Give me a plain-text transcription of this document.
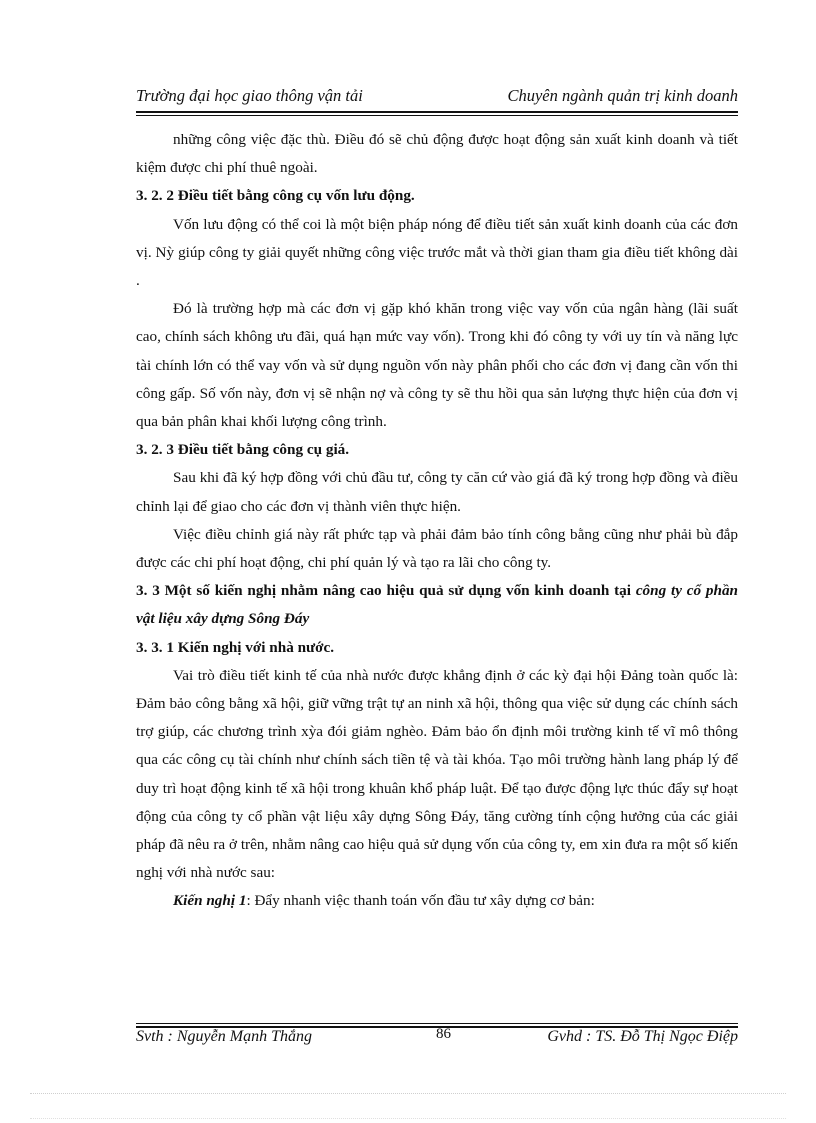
Trường đại học giao thông vận tải	Chuyên ngành quản trị kinh doanh

những công việc đặc thù. Điều đó sẽ chủ động được hoạt động sản xuất kinh doanh và tiết kiệm được chi phí thuê ngoài.

3. 2. 2 Điều tiết bằng công cụ vốn lưu động.

Vốn lưu động có thể coi là một biện pháp nóng để điều tiết sản xuất kinh doanh của các đơn vị. Nỳ giúp công ty giải quyết những công việc trước mắt và thời gian tham gia điều tiết không dài .

Đó là trường hợp mà các đơn vị gặp khó khăn trong việc vay vốn của ngân hàng (lãi suất cao, chính sách không ưu đãi, quá hạn mức vay vốn). Trong khi đó công ty với uy tín và năng lực tài chính lớn có thể vay vốn và sử dụng nguồn vốn này phân phối cho các đơn vị đang cần vốn thi công gấp. Số vốn này, đơn vị sẽ nhận nợ và công ty sẽ thu hồi qua sản lượng thực hiện của đơn vị qua bản phân khai khối lượng công trình.

3. 2. 3 Điều tiết bằng công cụ giá.

Sau khi đã ký hợp đồng với chủ đầu tư, công ty căn cứ vào giá đã ký trong hợp đồng và điều chỉnh lại để giao cho các đơn vị thành viên thực hiện.

Việc điều chỉnh giá này rất phức tạp và phải đảm bảo tính công bằng cũng như phải bù đắp được các chi phí hoạt động, chi phí quản lý và tạo ra lãi cho công ty.

3. 3 Một số kiến nghị nhằm nâng cao hiệu quả sử dụng vốn kinh doanh tại công ty cổ phần vật liệu xây dựng Sông Đáy

3. 3. 1 Kiến nghị với nhà nước.

Vai trò điều tiết kinh tế của nhà nước được khẳng định ở các kỳ đại hội Đảng toàn quốc là: Đảm bảo công bằng xã hội, giữ vững trật tự an ninh xã hội, thông qua việc sử dụng các chính sách trợ giúp, các chương trình xỳa đói giảm nghèo. Đảm bảo ổn định môi trường kinh tế vĩ mô thông qua các công cụ tài chính như chính sách tiền tệ và tài khóa. Tạo môi trường hành lang pháp lý để duy trì hoạt động kinh tế xã hội trong khuân khổ pháp luật. Để tạo được động lực thúc đẩy sự hoạt động của công ty cổ phần vật liệu xây dựng Sông Đáy, tăng cường tính cộng hưởng của các giải pháp đã nêu ra ở trên, nhằm nâng cao hiệu quả sử dụng vốn của công ty, em xin đưa ra một số kiến nghị với nhà nước sau:

Kiến nghị 1: Đẩy nhanh việc thanh toán vốn đầu tư xây dựng cơ bản:

Svth : Nguyễn Mạnh Thắng	86	Gvhd : TS. Đỗ Thị Ngọc Điệp
